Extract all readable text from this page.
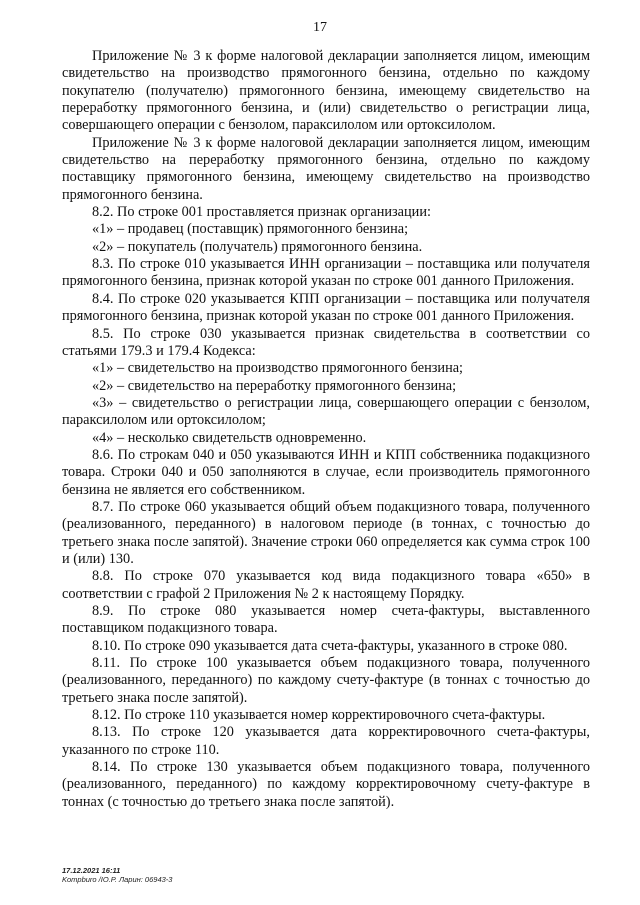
17

Приложение № 3 к форме налоговой декларации заполняется лицом, имеющим свидетельство на производство прямогонного бензина, отдельно по каждому покупателю (получателю) прямогонного бензина, имеющему свидетельство на переработку прямогонного бензина, и (или) свидетельство о регистрации лица, совершающего операции с бензолом, параксилолом или ортоксилолом.

Приложение № 3 к форме налоговой декларации заполняется лицом, имеющим свидетельство на переработку прямогонного бензина, отдельно по каждому поставщику прямогонного бензина, имеющему свидетельство на производство прямогонного бензина.

8.2. По строке 001 проставляется признак организации:

«1» – продавец (поставщик) прямогонного бензина;

«2» – покупатель (получатель) прямогонного бензина.

8.3. По строке 010 указывается ИНН организации – поставщика или получателя прямогонного бензина, признак которой указан по строке 001 данного Приложения.

8.4. По строке 020 указывается КПП организации – поставщика или получателя прямогонного бензина, признак которой указан по строке 001 данного Приложения.

8.5. По строке 030 указывается признак свидетельства в соответствии со статьями 179.3 и 179.4 Кодекса:

«1» – свидетельство на производство прямогонного бензина;

«2» – свидетельство на переработку прямогонного бензина;

«3» – свидетельство о регистрации лица, совершающего операции с бензолом, параксилолом или ортоксилолом;

«4» – несколько свидетельств одновременно.

8.6. По строкам 040 и 050 указываются ИНН и КПП собственника подакцизного товара. Строки 040 и 050 заполняются в случае, если производитель прямогонного бензина не является его собственником.

8.7. По строке 060 указывается общий объем подакцизного товара, полученного (реализованного, переданного) в налоговом периоде (в тоннах, с точностью до третьего знака после запятой). Значение строки 060 определяется как сумма строк 100 и (или) 130.

8.8. По строке 070 указывается код вида подакцизного товара «650» в соответствии с графой 2 Приложения № 2 к настоящему Порядку.

8.9. По строке 080 указывается номер счета-фактуры, выставленного поставщиком подакцизного товара.

8.10. По строке 090 указывается дата счета-фактуры, указанного в строке 080.

8.11. По строке 100 указывается объем подакцизного товара, полученного (реализованного, переданного) по каждому счету-фактуре (в тоннах с точностью до третьего знака после запятой).

8.12. По строке 110 указывается номер корректировочного счета-фактуры.

8.13. По строке 120 указывается дата корректировочного счета-фактуры, указанного по строке 110.

8.14. По строке 130 указывается объем подакцизного товара, полученного (реализованного, переданного) по каждому корректировочному счету-фактуре в тоннах (с точностью до третьего знака после запятой).

17.12.2021 16:11
Kompburo /IO.P. Ларин: 06943-3
